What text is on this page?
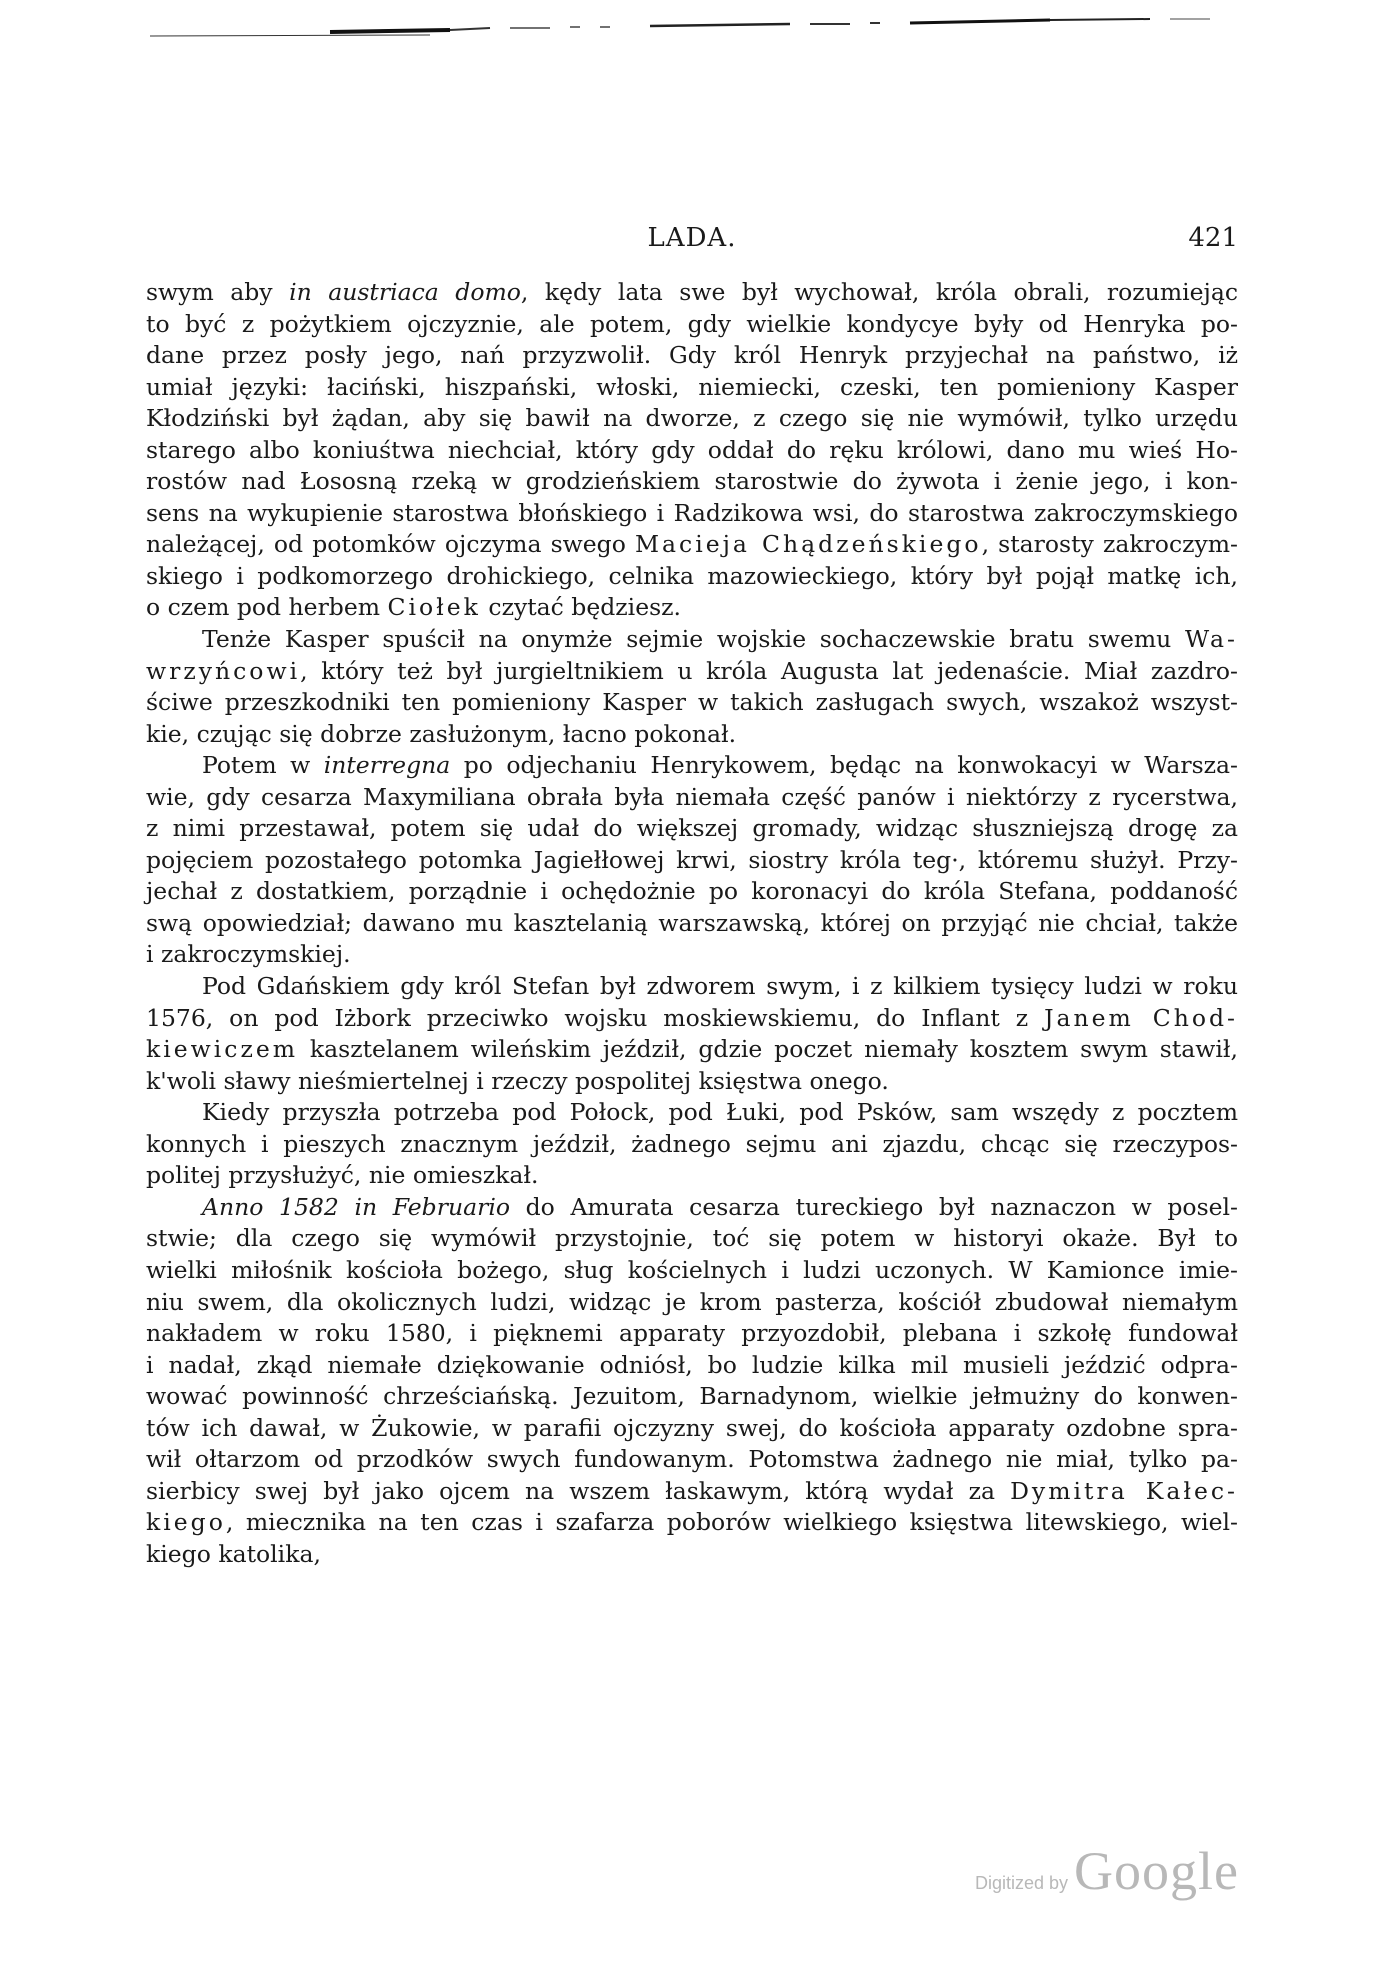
LADA.	421
swym aby in austriaca domo, kędy lata swe był wychował, króla obrali, rozumiejąc
to być z pożytkiem ojczyznie, ale potem, gdy wielkie kondycye były od Henryka po-
dane przez posły jego, nań przyzwolił. Gdy król Henryk przyjechał na państwo, iż
umiał języki: łaciński, hiszpański, włoski, niemiecki, czeski, ten pomieniony Kasper
Kłodziński był żądan, aby się bawił na dworze, z czego się nie wymówił, tylko urzędu
starego albo koniuśtwa niechciał, który gdy oddał do ręku królowi, dano mu wieś Ho-
rostów nad Łososną rzeką w grodzieńskiem starostwie do żywota i żenie jego, i kon-
sens na wykupienie starostwa błońskiego i Radzikowa wsi, do starostwa zakroczymskiego
należącej, od potomków ojczyma swego Macieja Chądzeńskiego, starosty zakroczym-
skiego i podkomorzego drohickiego, celnika mazowieckiego, który był pojął matkę ich,
o czem pod herbem Ciołek czytać będziesz.
Tenże Kasper spuścił na onymże sejmie wojskie sochaczewskie bratu swemu Wa-
wrzyńcowi, który też był jurgieltnikiem u króla Augusta lat jedenaście. Miał zazdro-
ściwe przeszkodniki ten pomieniony Kasper w takich zasługach swych, wszakoż wszyst-
kie, czując się dobrze zasłużonym, łacno pokonał.
Potem w interregna po odjechaniu Henrykowem, będąc na konwokacyi w Warsza-
wie, gdy cesarza Maxymiliana obrała była niemała część panów i niektórzy z rycerstwa,
z nimi przestawał, potem się udał do większej gromady, widząc słuszniejszą drogę za
pojęciem pozostałego potomka Jagiełłowej krwi, siostry króla teg·, któremu służył. Przy-
jechał z dostatkiem, porządnie i ochędożnie po koronacyi do króla Stefana, poddaność
swą opowiedział; dawano mu kasztelanią warszawską, której on przyjąć nie chciał, także
i zakroczymskiej.
Pod Gdańskiem gdy król Stefan był zdworem swym, i z kilkiem tysięcy ludzi w roku
1576, on pod Iżbork przeciwko wojsku moskiewskiemu, do Inflant z Janem Chod-
kiewiczem kasztelanem wileńskim jeździł, gdzie poczet niemały kosztem swym stawił,
k'woli sławy nieśmiertelnej i rzeczy pospolitej księstwa onego.
Kiedy przyszła potrzeba pod Połock, pod Łuki, pod Psków, sam wszędy z pocztem
konnych i pieszych znacznym jeździł, żadnego sejmu ani zjazdu, chcąc się rzeczypos-
politej przysłużyć, nie omieszkał.
Anno 1582 in Februario do Amurata cesarza tureckiego był naznaczon w posel-
stwie; dla czego się wymówił przystojnie, toć się potem w historyi okaże. Był to
wielki miłośnik kościoła bożego, sług kościelnych i ludzi uczonych. W Kamionce imie-
niu swem, dla okolicznych ludzi, widząc je krom pasterza, kościół zbudował niemałym
nakładem w roku 1580, i pięknemi apparaty przyozdobił, plebana i szkołę fundował
i nadał, zkąd niemałe dziękowanie odniósł, bo ludzie kilka mil musieli jeździć odpra-
wować powinność chrześciańską. Jezuitom, Barnadynom, wielkie jełmużny do konwen-
tów ich dawał, w Żukowie, w parafii ojczyzny swej, do kościoła apparaty ozdobne spra-
wił ołtarzom od przodków swych fundowanym. Potomstwa żadnego nie miał, tylko pa-
sierbicy swej był jako ojcem na wszem łaskawym, którą wydał za Dymitra Kałec-
kiego, miecznika na ten czas i szafarza poborów wielkiego księstwa litewskiego, wiel-
kiego katolika,
Digitized by Google
